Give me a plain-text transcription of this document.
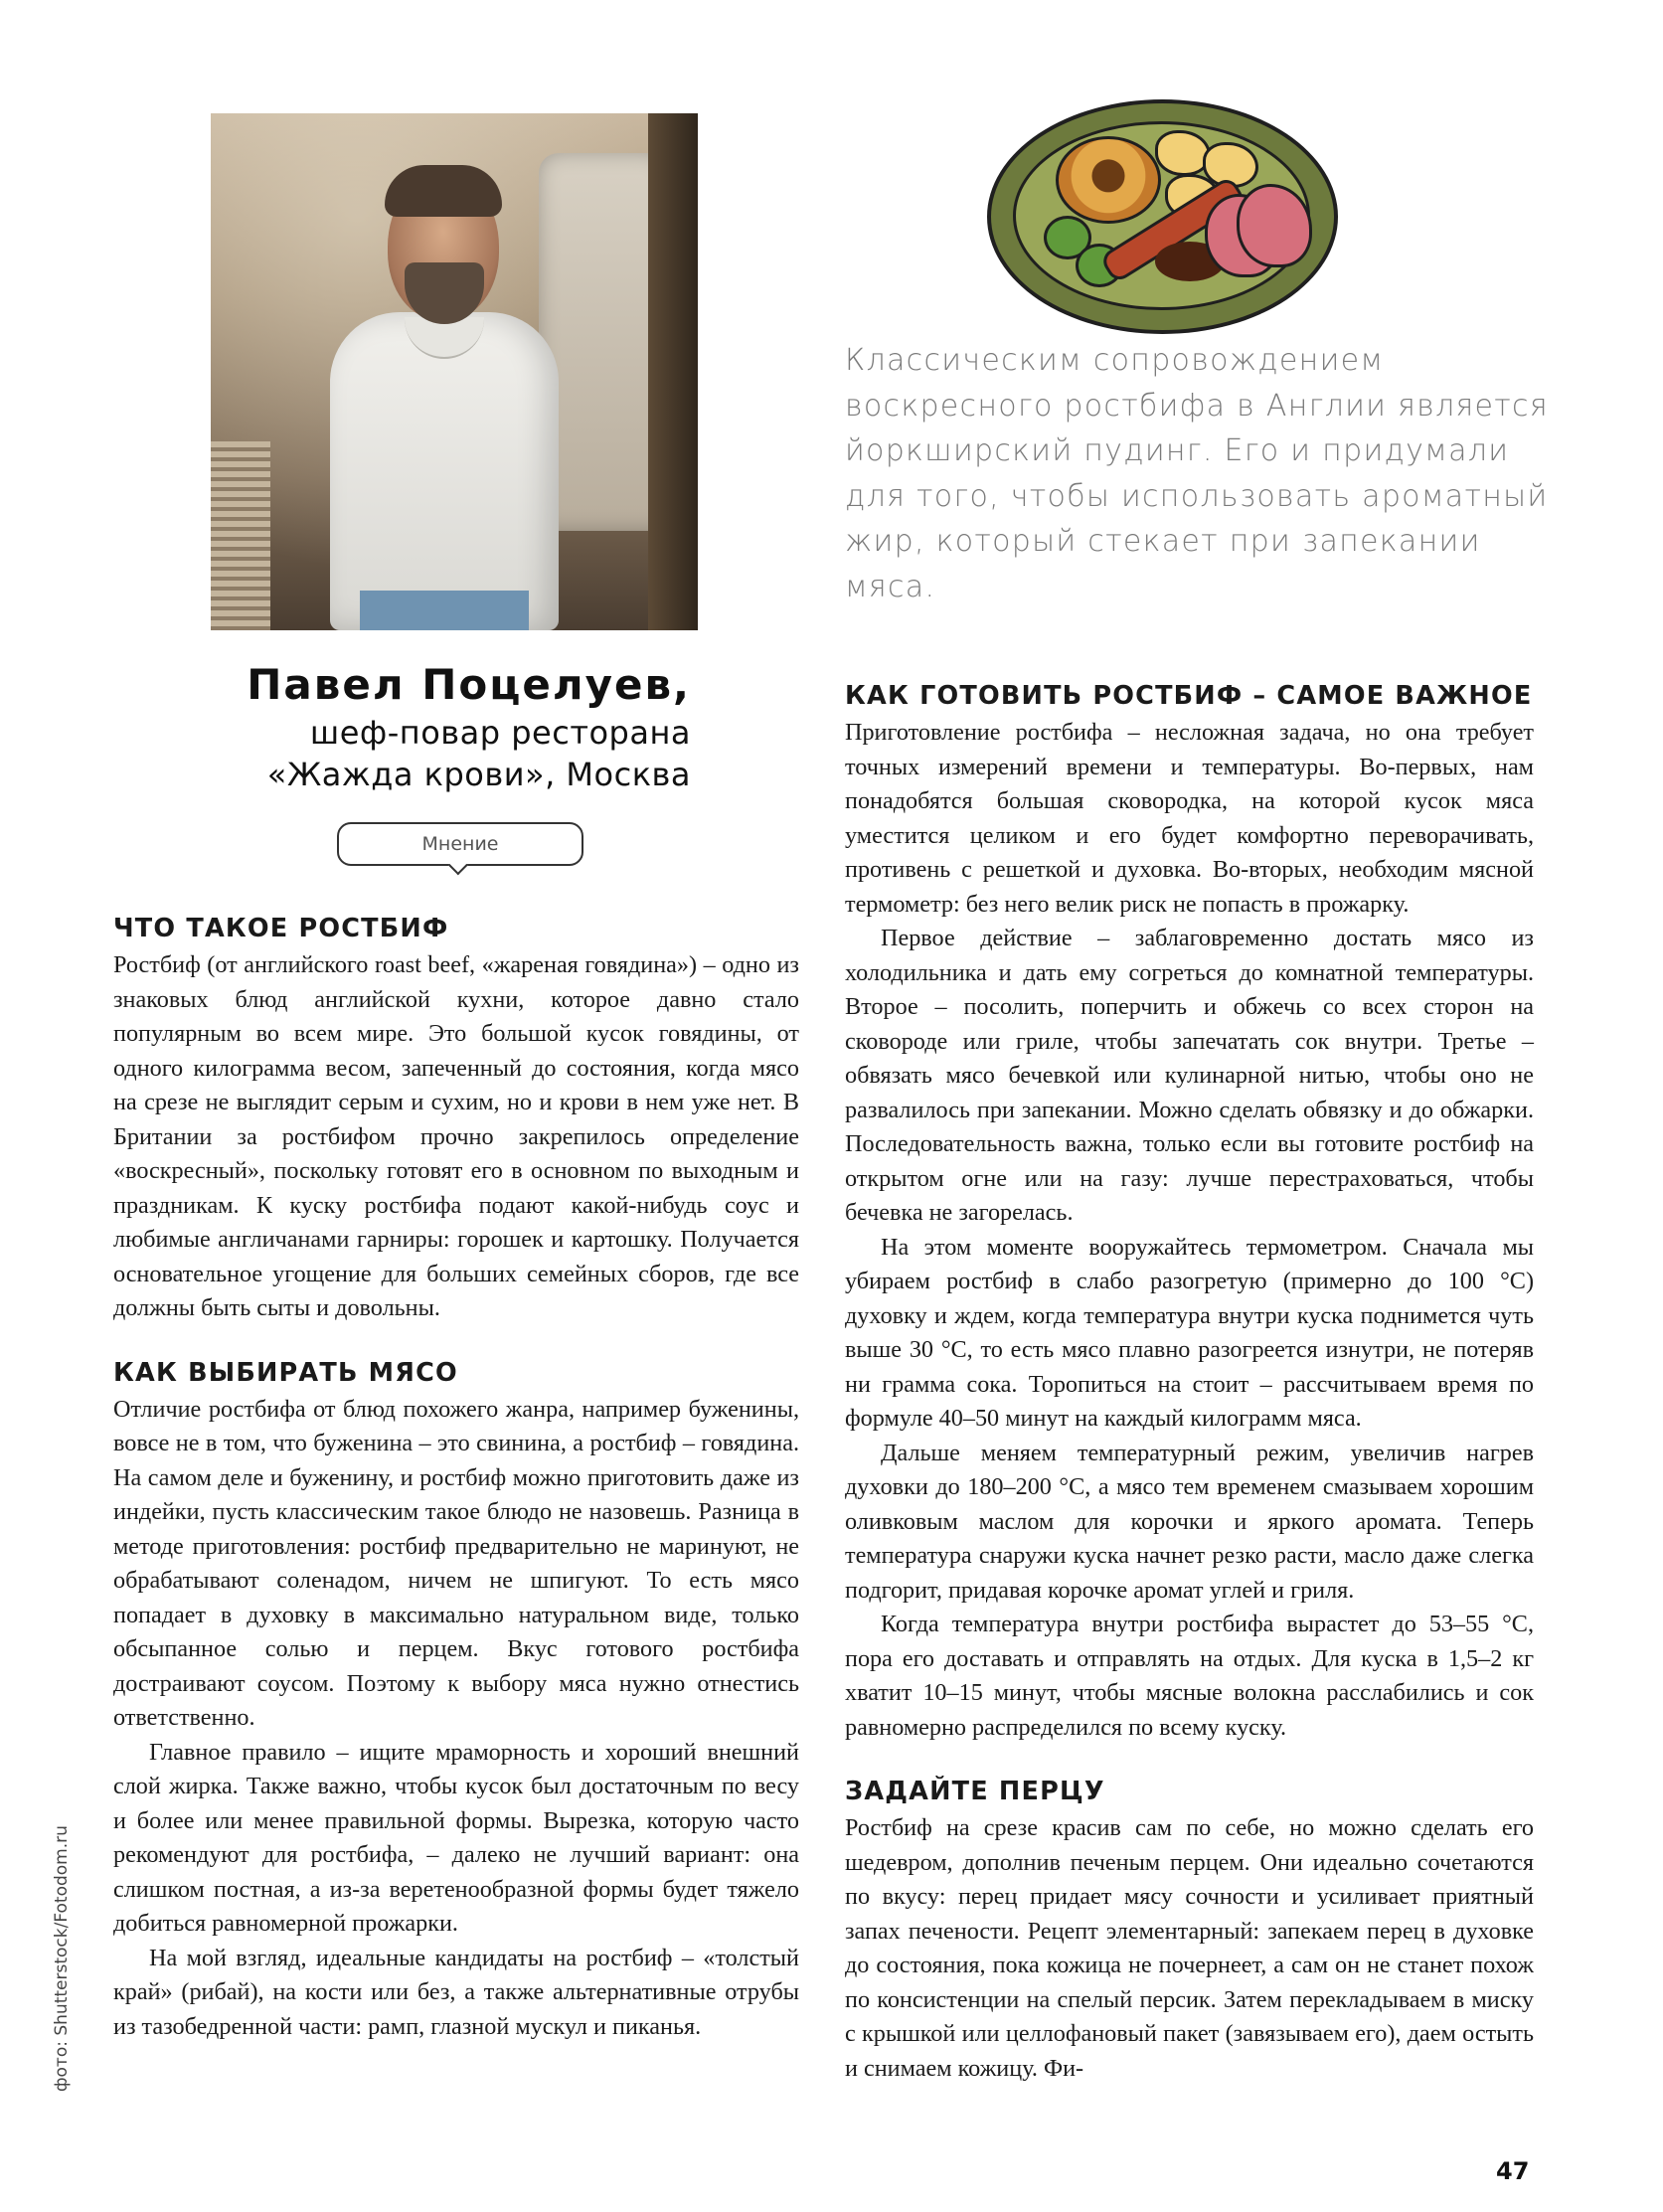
Классическим сопровождением

воскресного ростбифа в Англии является

йоркширский пудинг. Его и придумали

для того, чтобы использовать ароматный

жир, который стекает при запекании мяса.

Павел Поцелуев,

шеф-повар ресторана

«Жажда крови», Москва

Мнение
ЧТО ТАКОЕ РОСТБИФ

Ростбиф (от английского roast beef, «жареная говядина») – одно из знаковых блюд английской кухни, которое давно стало популярным во всем мире. Это большой кусок говядины, от одного килограмма весом, запеченный до состояния, когда мясо на срезе не выглядит серым и сухим, но и крови в нем уже нет. В Британии за ростбифом прочно закрепилось определение «воскресный», поскольку готовят его в основном по выходным и праздникам. К куску ростбифа подают какой-нибудь соус и любимые англичанами гарниры: горошек и картошку. Получается основательное угощение для больших семейных сборов, где все должны быть сыты и довольны.

КАК ВЫБИРАТЬ МЯСО

Отличие ростбифа от блюд похожего жанра, например буженины, вовсе не в том, что буженина – это свинина, а ростбиф – говядина. На самом деле и буженину, и ростбиф можно приготовить даже из индейки, пусть классическим такое блюдо не назовешь. Разница в методе приготовления: ростбиф предварительно не маринуют, не обрабатывают соленадом, ничем не шпигуют. То есть мясо попадает в духовку в максимально натуральном виде, только обсыпанное солью и перцем. Вкус готового ростбифа достраивают соусом. Поэтому к выбору мяса нужно отнестись ответственно.

Главное правило – ищите мраморность и хороший внешний слой жирка. Также важно, чтобы кусок был достаточным по весу и более или менее правильной формы. Вырезка, которую часто рекомендуют для ростбифа, – далеко не лучший вариант: она слишком постная, а из-за веретенообразной формы будет тяжело добиться равномерной прожарки.

На мой взгляд, идеальные кандидаты на ростбиф – «толстый край» (рибай), на кости или без, а также альтернативные отрубы из тазобедренной части: рамп, глазной мускул и пиканья.

КАК ГОТОВИТЬ РОСТБИФ – САМОЕ ВАЖНОЕ

Приготовление ростбифа – несложная задача, но она требует точных измерений времени и температуры. Во-первых, нам понадобятся большая сковородка, на которой кусок мяса уместится целиком и его будет комфортно переворачивать, противень с решеткой и духовка. Во-вторых, необходим мясной термометр: без него велик риск не попасть в прожарку.

Первое действие – заблаговременно достать мясо из холодильника и дать ему согреться до комнатной температуры. Второе – посолить, поперчить и обжечь со всех сторон на сковороде или гриле, чтобы запечатать сок внутри. Третье – обвязать мясо бечевкой или кулинарной нитью, чтобы оно не развалилось при запекании. Можно сделать обвязку и до обжарки. Последовательность важна, только если вы готовите ростбиф на открытом огне или на газу: лучше перестраховаться, чтобы бечевка не загорелась.

На этом моменте вооружайтесь термометром. Сначала мы убираем ростбиф в слабо разогретую (примерно до 100 °C) духовку и ждем, когда температура внутри куска поднимется чуть выше 30 °C, то есть мясо плавно разогреется изнутри, не потеряв ни грамма сока. Торопиться на стоит – рассчитываем время по формуле 40–50 минут на каждый килограмм мяса.

Дальше меняем температурный режим, увеличив нагрев духовки до 180–200 °C, а мясо тем временем смазываем хорошим оливковым маслом для корочки и яркого аромата. Теперь температура снаружи куска начнет резко расти, масло даже слегка подгорит, придавая корочке аромат углей и гриля.

Когда температура внутри ростбифа вырастет до 53–55 °C, пора его доставать и отправлять на отдых. Для куска в 1,5–2 кг хватит 10–15 минут, чтобы мясные волокна расслабились и сок равномерно распределился по всему куску.

ЗАДАЙТЕ ПЕРЦУ

Ростбиф на срезе красив сам по себе, но можно сделать его шедевром, дополнив печеным перцем. Они идеально сочетаются по вкусу: перец придает мясу сочности и усиливает приятный запах печености. Рецепт элементарный: запекаем перец в духовке до состояния, пока кожица не почернеет, а сам он не станет похож по консистенции на спелый персик. Затем перекладываем в миску с крышкой или целлофановый пакет (завязываем его), даем остыть и снимаем кожицу. Фи-

фото: Shutterstock/Fotodom.ru
47
